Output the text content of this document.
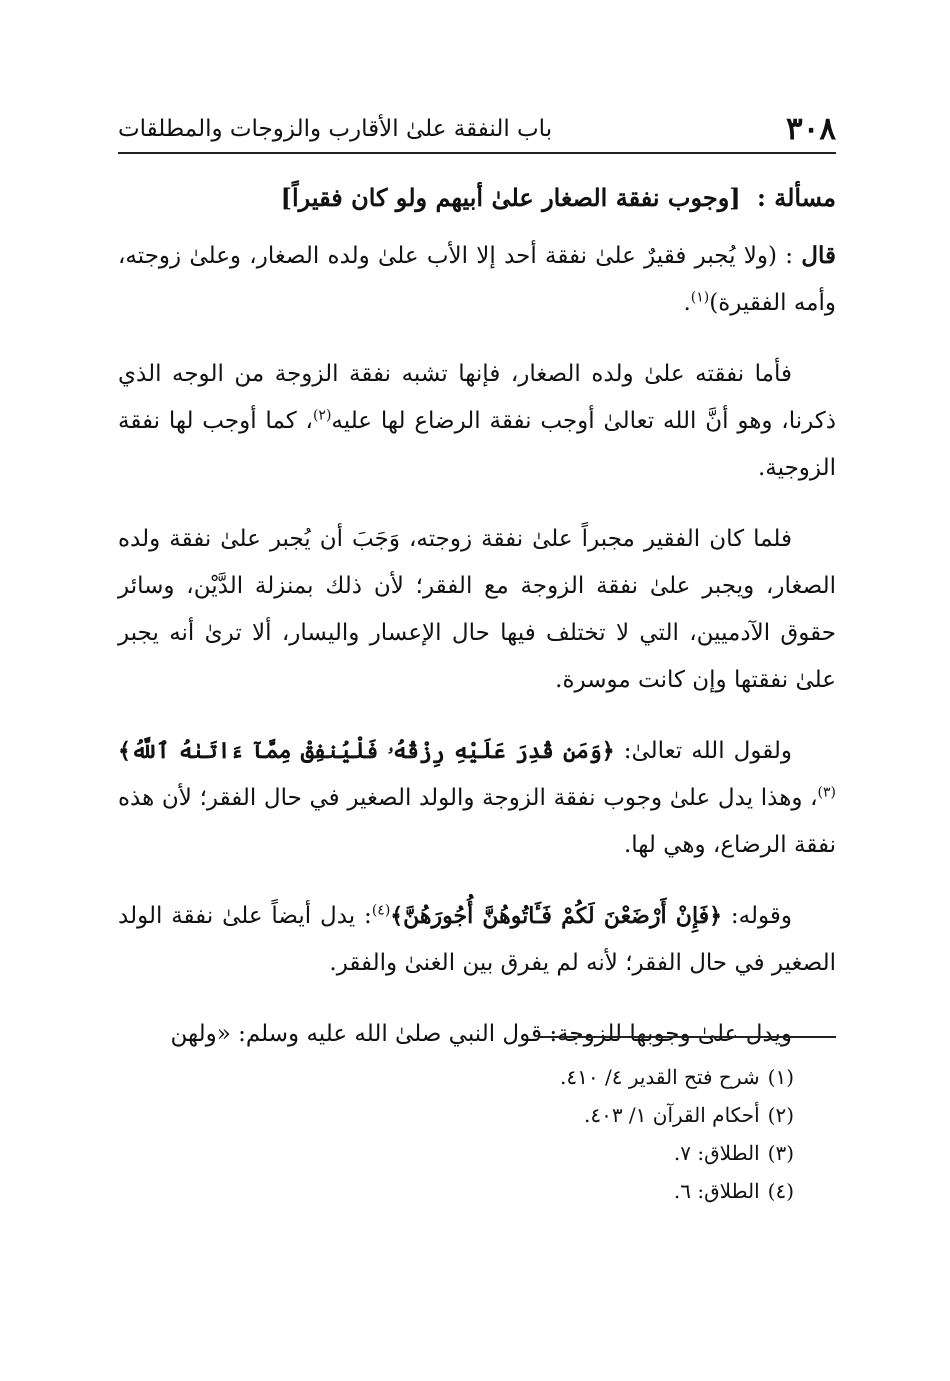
٣٠٨
باب النفقة علىٰ الأقارب والزوجات والمطلقات
مسألة : [وجوب نفقة الصغار علىٰ أبيهم ولو كان فقيراً]

قال : (ولا يُجبر فقيرٌ علىٰ نفقة أحد إلا الأب علىٰ ولده الصغار، وعلىٰ زوجته، وأمه الفقيرة)$^{(١)}$.

فأما نفقته علىٰ ولده الصغار، فإنها تشبه نفقة الزوجة من الوجه الذي ذكرنا، وهو أنَّ الله تعالىٰ أوجب نفقة الرضاع لها عليه$^{(٢)}$، كما أوجب لها نفقة الزوجية.

فلما كان الفقير مجبراً علىٰ نفقة زوجته، وَجَبَ أن يُجبر علىٰ نفقة ولده الصغار، ويجبر علىٰ نفقة الزوجة مع الفقر؛ لأن ذلك بمنزلة الدَّيْن، وسائر حقوق الآدميين، التي لا تختلف فيها حال الإعسار واليسار، ألا ترىٰ أنه يجبر علىٰ نفقتها وإن كانت موسرة.

ولقول الله تعالىٰ: ﴿وَمَن قُدِرَ عَلَيْهِ رِزْقُهُۥ فَلْيُنفِقْ مِمَّآ ءَاتَىٰهُ ٱللَّهُ﴾$^{(٣)}$، وهذا يدل علىٰ وجوب نفقة الزوجة والولد الصغير في حال الفقر؛ لأن هذه نفقة الرضاع، وهي لها.

وقوله: ﴿فَإِنْ أَرْضَعْنَ لَكُمْ فَـَٔاتُوهُنَّ أُجُورَهُنَّ﴾$^{(٤)}$: يدل أيضاً علىٰ نفقة الولد الصغير في حال الفقر؛ لأنه لم يفرق بين الغنىٰ والفقر.

ويدل علىٰ وجوبها للزوجة: قول النبي صلىٰ الله عليه وسلم: «ولهن

(١)شرح فتح القدير ٤/ ٤١٠.
(٢)أحكام القرآن ١/ ٤٠٣.
(٣)الطلاق: ٧.
(٤)الطلاق: ٦.
